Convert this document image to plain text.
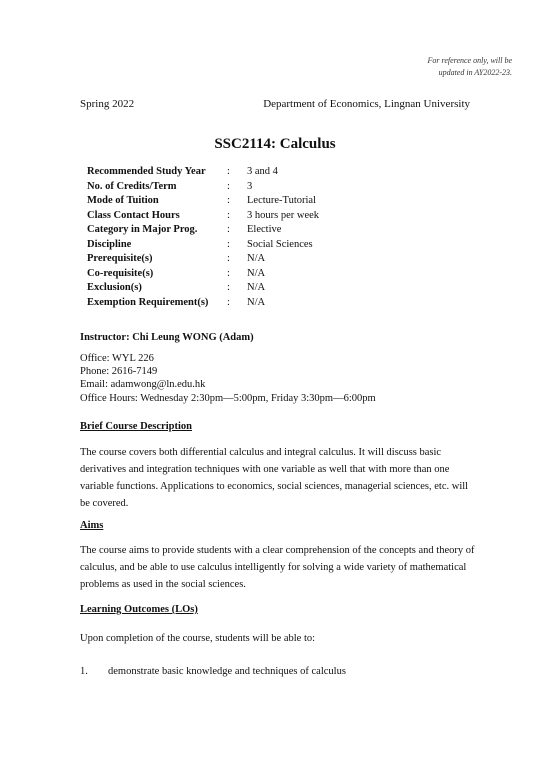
For reference only, will be
updated in AY2022-23.
Spring 2022	Department of Economics, Lingnan University
SSC2114: Calculus
Recommended Study Year	:	3 and 4
No. of Credits/Term	:	3
Mode of Tuition	:	Lecture-Tutorial
Class Contact Hours	:	3 hours per week
Category in Major Prog.	:	Elective
Discipline	:	Social Sciences
Prerequisite(s)	:	N/A
Co-requisite(s)	:	N/A
Exclusion(s)	:	N/A
Exemption Requirement(s)	:	N/A
Instructor: Chi Leung WONG (Adam)
Office: WYL 226
Phone: 2616-7149
Email: adamwong@ln.edu.hk
Office Hours: Wednesday 2:30pm—5:00pm, Friday 3:30pm—6:00pm
Brief Course Description
The course covers both differential calculus and integral calculus. It will discuss basic derivatives and integration techniques with one variable as well that with more than one variable functions. Applications to economics, social sciences, managerial sciences, etc. will be covered.
Aims
The course aims to provide students with a clear comprehension of the concepts and theory of calculus, and be able to use calculus intelligently for solving a wide variety of mathematical problems as used in the social sciences.
Learning Outcomes (LOs)
Upon completion of the course, students will be able to:
1. demonstrate basic knowledge and techniques of calculus
